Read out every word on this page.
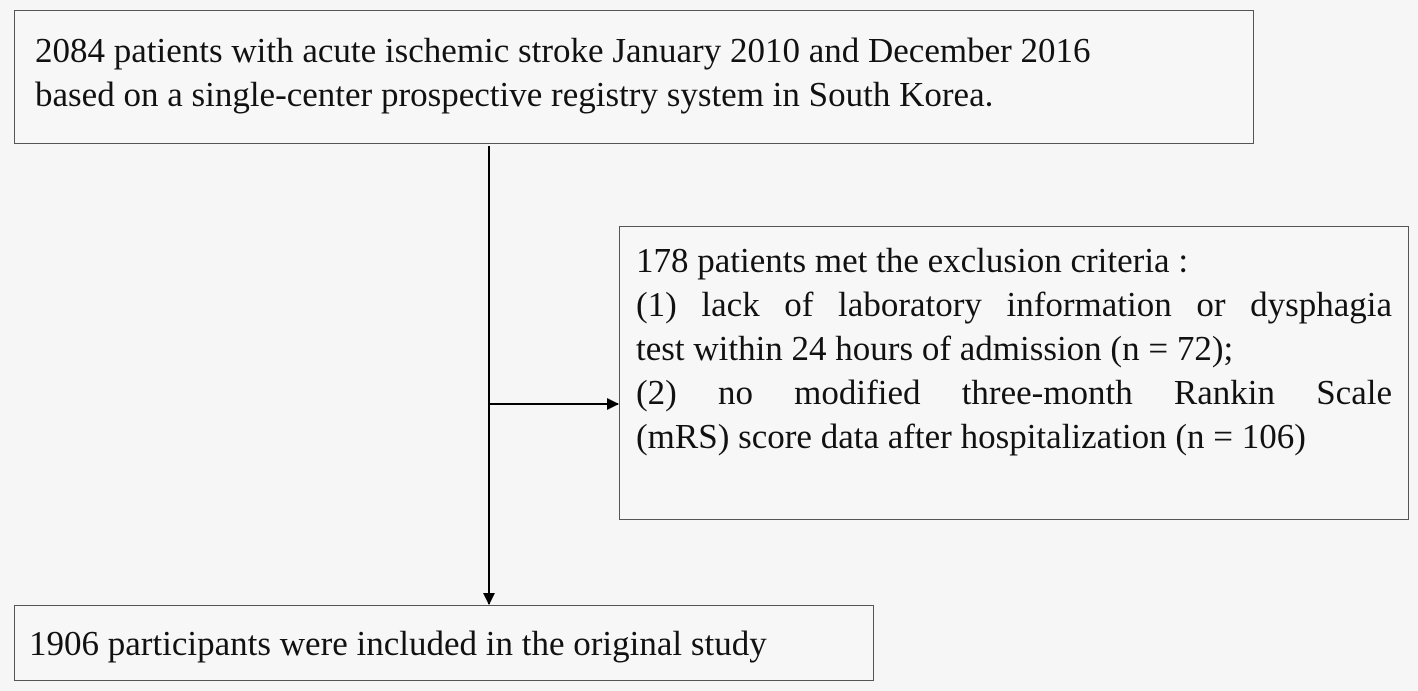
2084 patients with acute ischemic stroke January 2010 and December 2016
based on a single-center prospective registry system in South Korea.
178 patients met the exclusion criteria :
(1) lack of laboratory information or dysphagia
test within 24 hours of admission (n = 72);
(2) no modified three-month Rankin Scale
(mRS) score data after hospitalization (n = 106)
1906 participants were included in the original study
